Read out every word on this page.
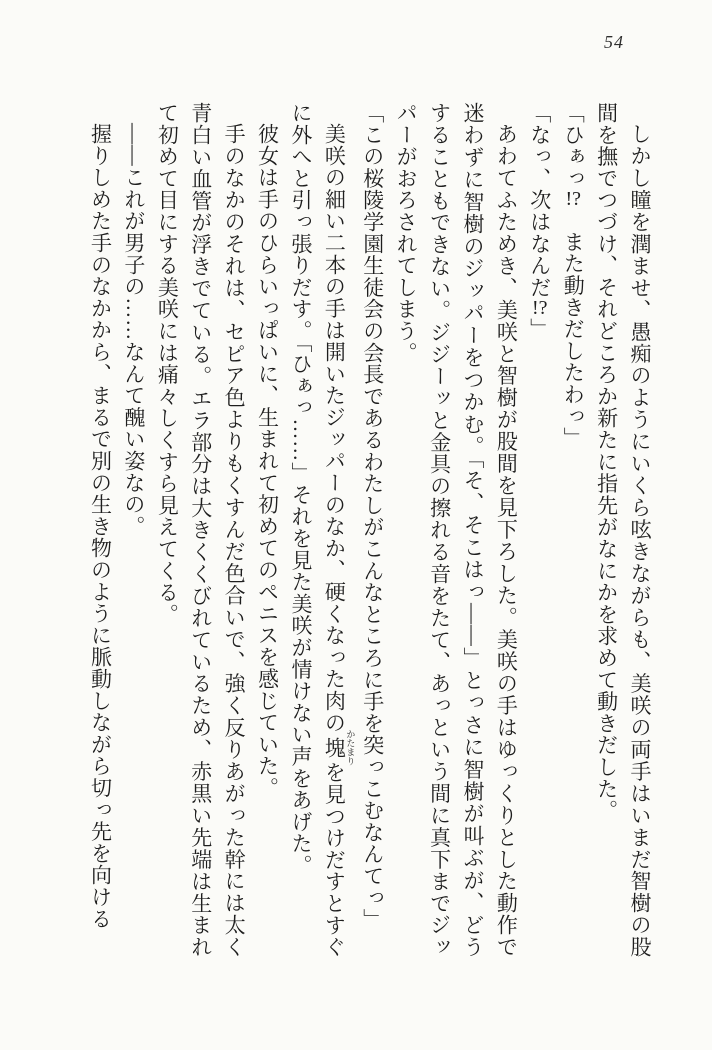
54

しかし瞳を潤ませ、愚痴のようにいくら呟きながらも、美咲の両手はいまだ智樹の股間を撫でつづけ、それどころか新たに指先がなにかを求めて動きだした。

「ひぁっ!?　また動きだしたわっ」

「なっ、次はなんだ!?」

あわてふためき、美咲と智樹が股間を見下ろした。美咲の手はゆっくりとした動作で迷わずに智樹のジッパーをつかむ。「そ、そこはっ——」とっさに智樹が叫ぶが、どうすることもできない。ジジーッと金具の擦れる音をたて、あっという間に真下までジッパーがおろされてしまう。

「この桜陵学園生徒会の会長であるわたしがこんなところに手を突っこむなんてっ」

美咲の細い二本の手は開いたジッパーのなか、硬くなった肉の塊 かたまりを見つけだすとすぐに外へと引っ張りだす。「ひぁっ……」それを見た美咲が情けない声をあげた。

彼女は手のひらいっぱいに、生まれて初めてのペニスを感じていた。

手のなかのそれは、セピア色よりもくすんだ色合いで、強く反りあがった幹には太く青白い血管が浮きでている。エラ部分は大きくくびれているため、赤黒い先端は生まれて初めて目にする美咲には痛々しくすら見えてくる。

——これが男子の……なんて醜い姿なの。

握りしめた手のなかから、まるで別の生き物のように脈動しながら切っ先を向ける
